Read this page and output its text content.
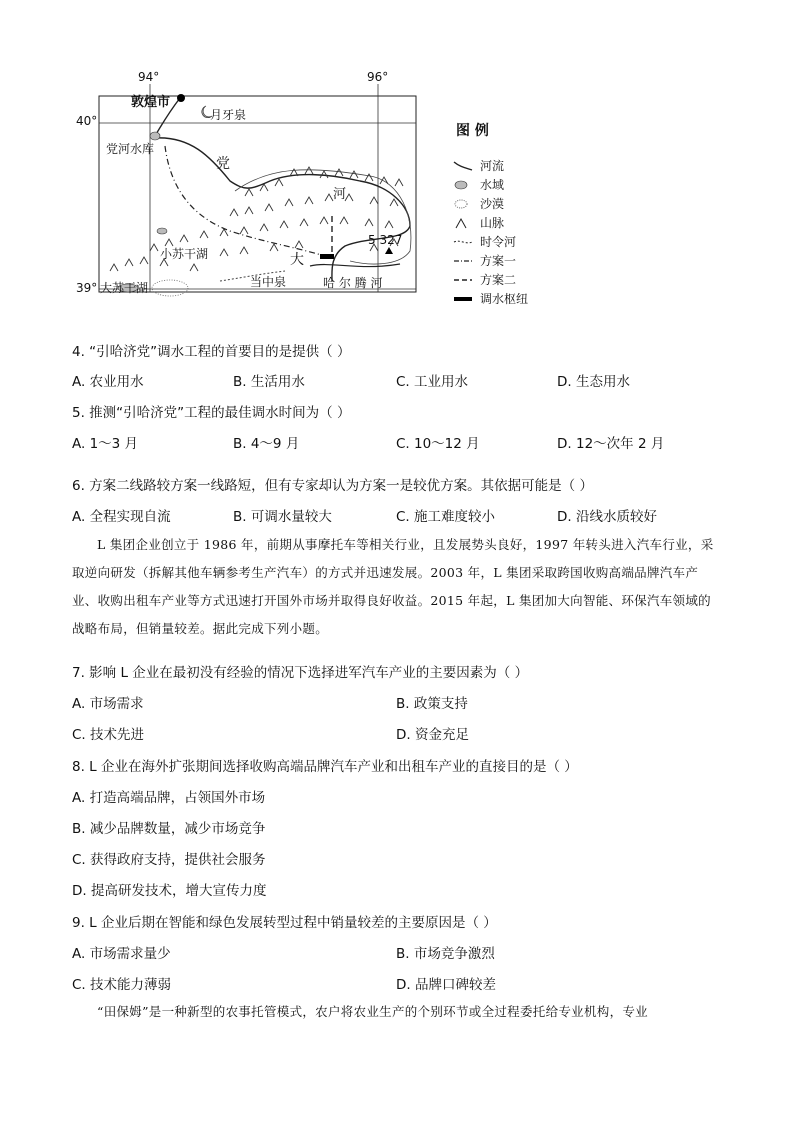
94°	96°
40°
39°
敦煌市
月牙泉
党河水库
党
河
小苏干湖
大苏干湖	当中泉
大
哈 尔 腾 河
5 327
图 例
河流
水域
沙漠
山脉
时令河
方案一
方案二
调水枢纽
4. “引哈济党”调水工程的首要目的是提供（ ）
A. 农业用水	B. 生活用水	C. 工业用水	D. 生态用水
5. 推测“引哈济党”工程的最佳调水时间为（ ）
A. 1～3 月	B. 4～9 月	C. 10～12 月	D. 12～次年 2 月
6. 方案二线路较方案一线路短，但有专家却认为方案一是较优方案。其依据可能是（ ）
A. 全程实现自流	B. 可调水量较大	C. 施工难度较小	D. 沿线水质较好
L 集团企业创立于 1986 年，前期从事摩托车等相关行业，且发展势头良好，1997 年转头进入汽车行业，采取逆向研发（拆解其他车辆参考生产汽车）的方式并迅速发展。2003 年，L 集团采取跨国收购高端品牌汽车产业、收购出租车产业等方式迅速打开国外市场并取得良好收益。2015 年起，L 集团加大向智能、环保汽车领域的战略布局，但销量较差。据此完成下列小题。
7. 影响 L 企业在最初没有经验的情况下选择进军汽车产业的主要因素为（ ）
A. 市场需求	B. 政策支持
C. 技术先进	D. 资金充足
8. L 企业在海外扩张期间选择收购高端品牌汽车产业和出租车产业的直接目的是（ ）
A. 打造高端品牌，占领国外市场
B. 减少品牌数量，减少市场竞争
C. 获得政府支持，提供社会服务
D. 提高研发技术，增大宣传力度
9. L 企业后期在智能和绿色发展转型过程中销量较差的主要原因是（ ）
A. 市场需求量少	B. 市场竞争激烈
C. 技术能力薄弱	D. 品牌口碑较差
“田保姆”是一种新型的农事托管模式，农户将农业生产的个别环节或全过程委托给专业机构，专业
